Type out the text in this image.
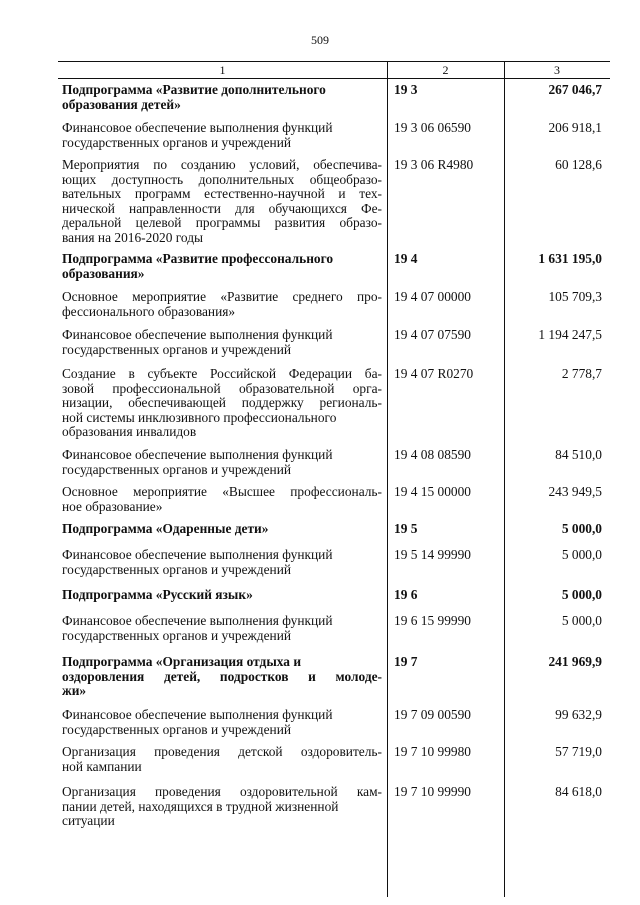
509
1	2	3
Подпрограмма «Развитие дополнительного
образования детей»
19 3	267 046,7
Финансовое обеспечение выполнения функций
государственных органов и учреждений
19 3 06 06590	206 918,1
Мероприятия по созданию условий, обеспечива-
ющих доступность дополнительных общеобразо-
вательных программ естественно-научной и тех-
нической направленности для обучающихся Фе-
деральной целевой программы развития образо-
вания на 2016-2020 годы
19 3 06 R4980	60 128,6
Подпрограмма «Развитие профессонального
образования»
19 4	1 631 195,0
Основное мероприятие «Развитие среднего про-
фессионального образования»
19 4 07 00000	105 709,3
Финансовое обеспечение выполнения функций
государственных органов и учреждений
19 4 07 07590	1 194 247,5
Создание в субъекте Российской Федерации ба-
зовой профессиональной образовательной орга-
низации, обеспечивающей поддержку региональ-
ной системы инклюзивного профессионального
образования инвалидов
19 4 07 R0270	2 778,7
Финансовое обеспечение выполнения функций
государственных органов и учреждений
19 4 08 08590	84 510,0
Основное мероприятие «Высшее профессиональ-
ное образование»
19 4 15 00000	243 949,5
Подпрограмма «Одаренные дети»	19 5	5 000,0
Финансовое обеспечение выполнения функций
государственных органов и учреждений
19 5 14 99990	5 000,0
Подпрограмма «Русский язык»	19 6	5 000,0
Финансовое обеспечение выполнения функций
государственных органов и учреждений
19 6 15 99990	5 000,0
Подпрограмма «Организация отдыха и
оздоровления детей, подростков и молоде-
жи»
19 7	241 969,9
Финансовое обеспечение выполнения функций
государственных органов и учреждений
19 7 09 00590	99 632,9
Организация проведения детской оздоровитель-
ной кампании
19 7 10 99980	57 719,0
Организация проведения оздоровительной кам-
пании детей, находящихся в трудной жизненной
ситуации
19 7 10 99990	84 618,0
